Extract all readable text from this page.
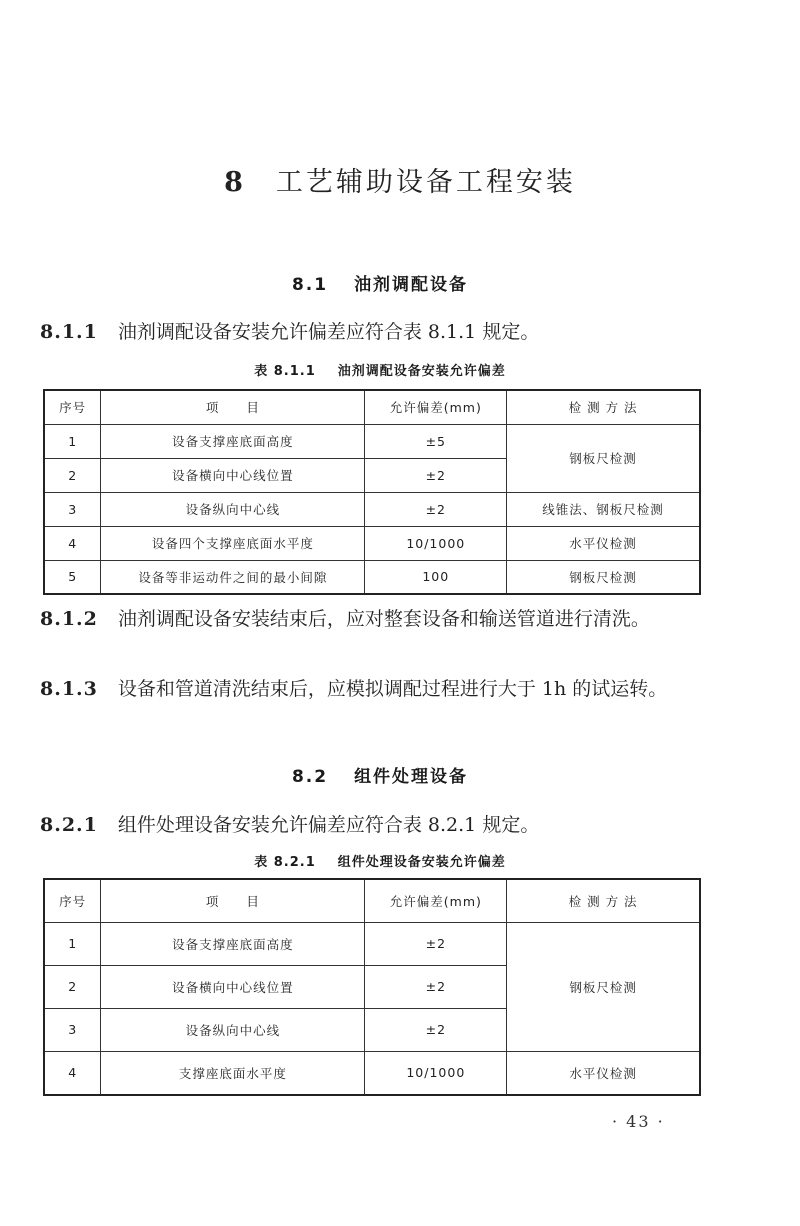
8 工艺辅助设备工程安装
8.1 油剂调配设备
8.1.1 油剂调配设备安装允许偏差应符合表 8.1.1 规定。
表 8.1.1 油剂调配设备安装允许偏差
序号	项　　目	允许偏差(mm)	检 测 方 法
1	设备支撑座底面高度	±5	钢板尺检测
2	设备横向中心线位置	±2	
3	设备纵向中心线	±2	线锥法、钢板尺检测
4	设备四个支撑座底面水平度	10/1000	水平仪检测
5	设备等非运动件之间的最小间隙	100	钢板尺检测
8.1.2 油剂调配设备安装结束后，应对整套设备和输送管道进行清洗。
8.1.3 设备和管道清洗结束后，应模拟调配过程进行大于 1h 的试运转。
8.2 组件处理设备
8.2.1 组件处理设备安装允许偏差应符合表 8.2.1 规定。
表 8.2.1 组件处理设备安装允许偏差
序号	项　　目	允许偏差(mm)	检 测 方 法
1	设备支撑座底面高度	±2	钢板尺检测
2	设备横向中心线位置	±2	
3	设备纵向中心线	±2	
4	支撑座底面水平度	10/1000	水平仪检测
· 43 ·
